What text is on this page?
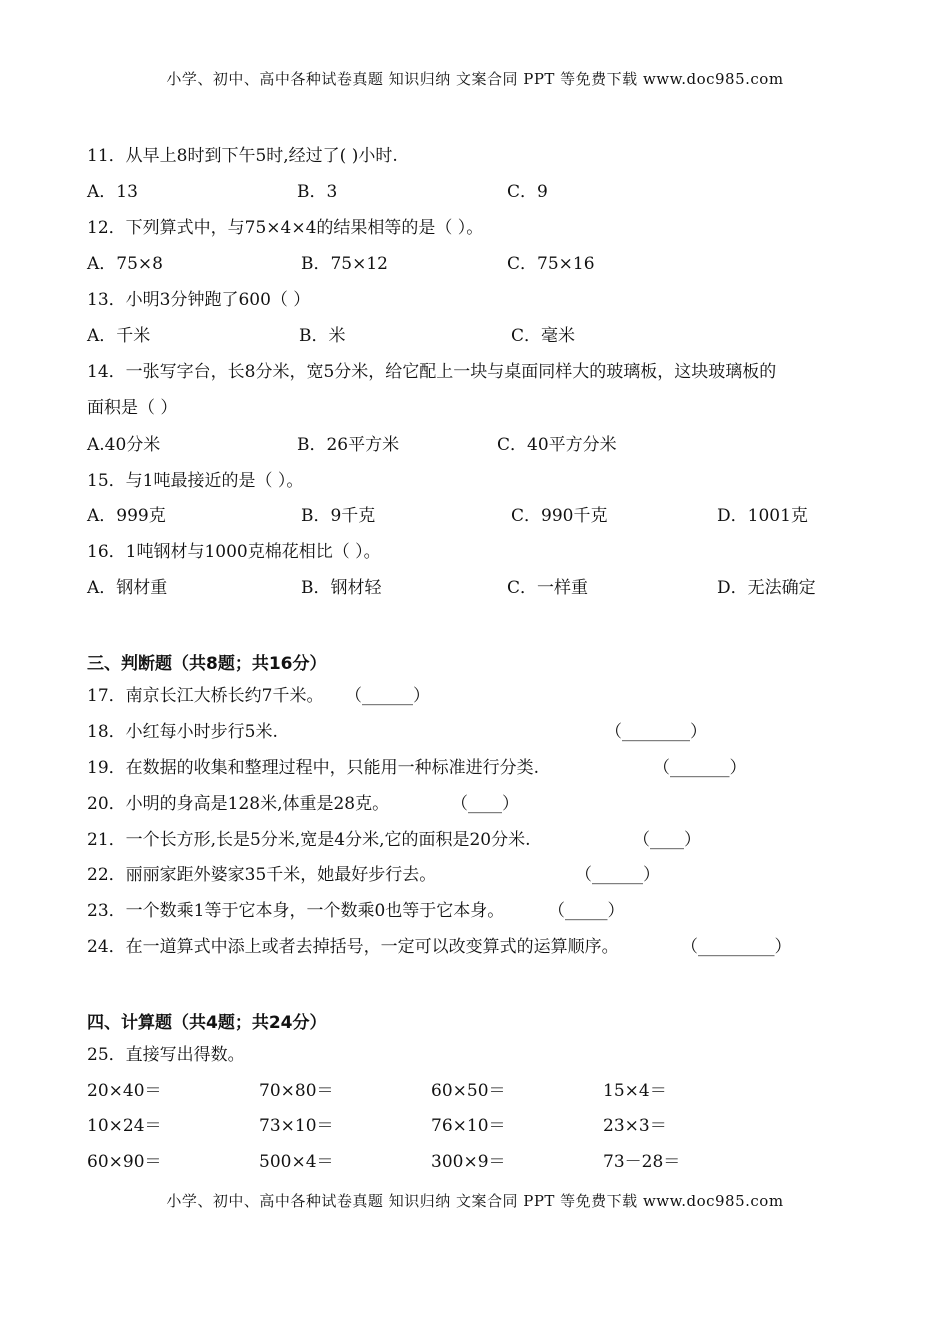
小学、初中、高中各种试卷真题 知识归纳 文案合同 PPT 等免费下载 www.doc985.com
11．从早上8时到下午5时,经过了( )小时.
A．13	B．3	C．9
12．下列算式中，与75×4×4的结果相等的是（ ）。
A．75×8	B．75×12	C．75×16
13．小明3分钟跑了600（ ）
A．千米	B．米	C．毫米
14．一张写字台，长8分米，宽5分米，给它配上一块与桌面同样大的玻璃板，这块玻璃板的
面积是（ ）
A.40分米	B．26平方米	C．40平方分米
15．与1吨最接近的是（ ）。
A．999克	B．9千克	C．990千克	D．1001克
16．1吨钢材与1000克棉花相比（ ）。
A．钢材重	B．钢材轻	C．一样重	D．无法确定
三、判断题（共8题；共16分）
17．南京长江大桥长约7千米。 （______）
18．小红每小时步行5米.	（________）
19．在数据的收集和整理过程中，只能用一种标准进行分类.	（_______）
20．小明的身高是128米,体重是28克。	（____）
21．一个长方形,长是5分米,宽是4分米,它的面积是20分米.	（____）
22．丽丽家距外婆家35千米，她最好步行去。	（______）
23．一个数乘1等于它本身，一个数乘0也等于它本身。	（_____）
24．在一道算式中添上或者去掉括号，一定可以改变算式的运算顺序。	（_________）
四、计算题（共4题；共24分）
25．直接写出得数。
20×40＝	70×80＝	60×50＝	15×4＝
10×24＝	73×10＝	76×10＝	23×3＝
60×90＝	500×4＝	300×9＝	73－28＝
小学、初中、高中各种试卷真题 知识归纳 文案合同 PPT 等免费下载 www.doc985.com
